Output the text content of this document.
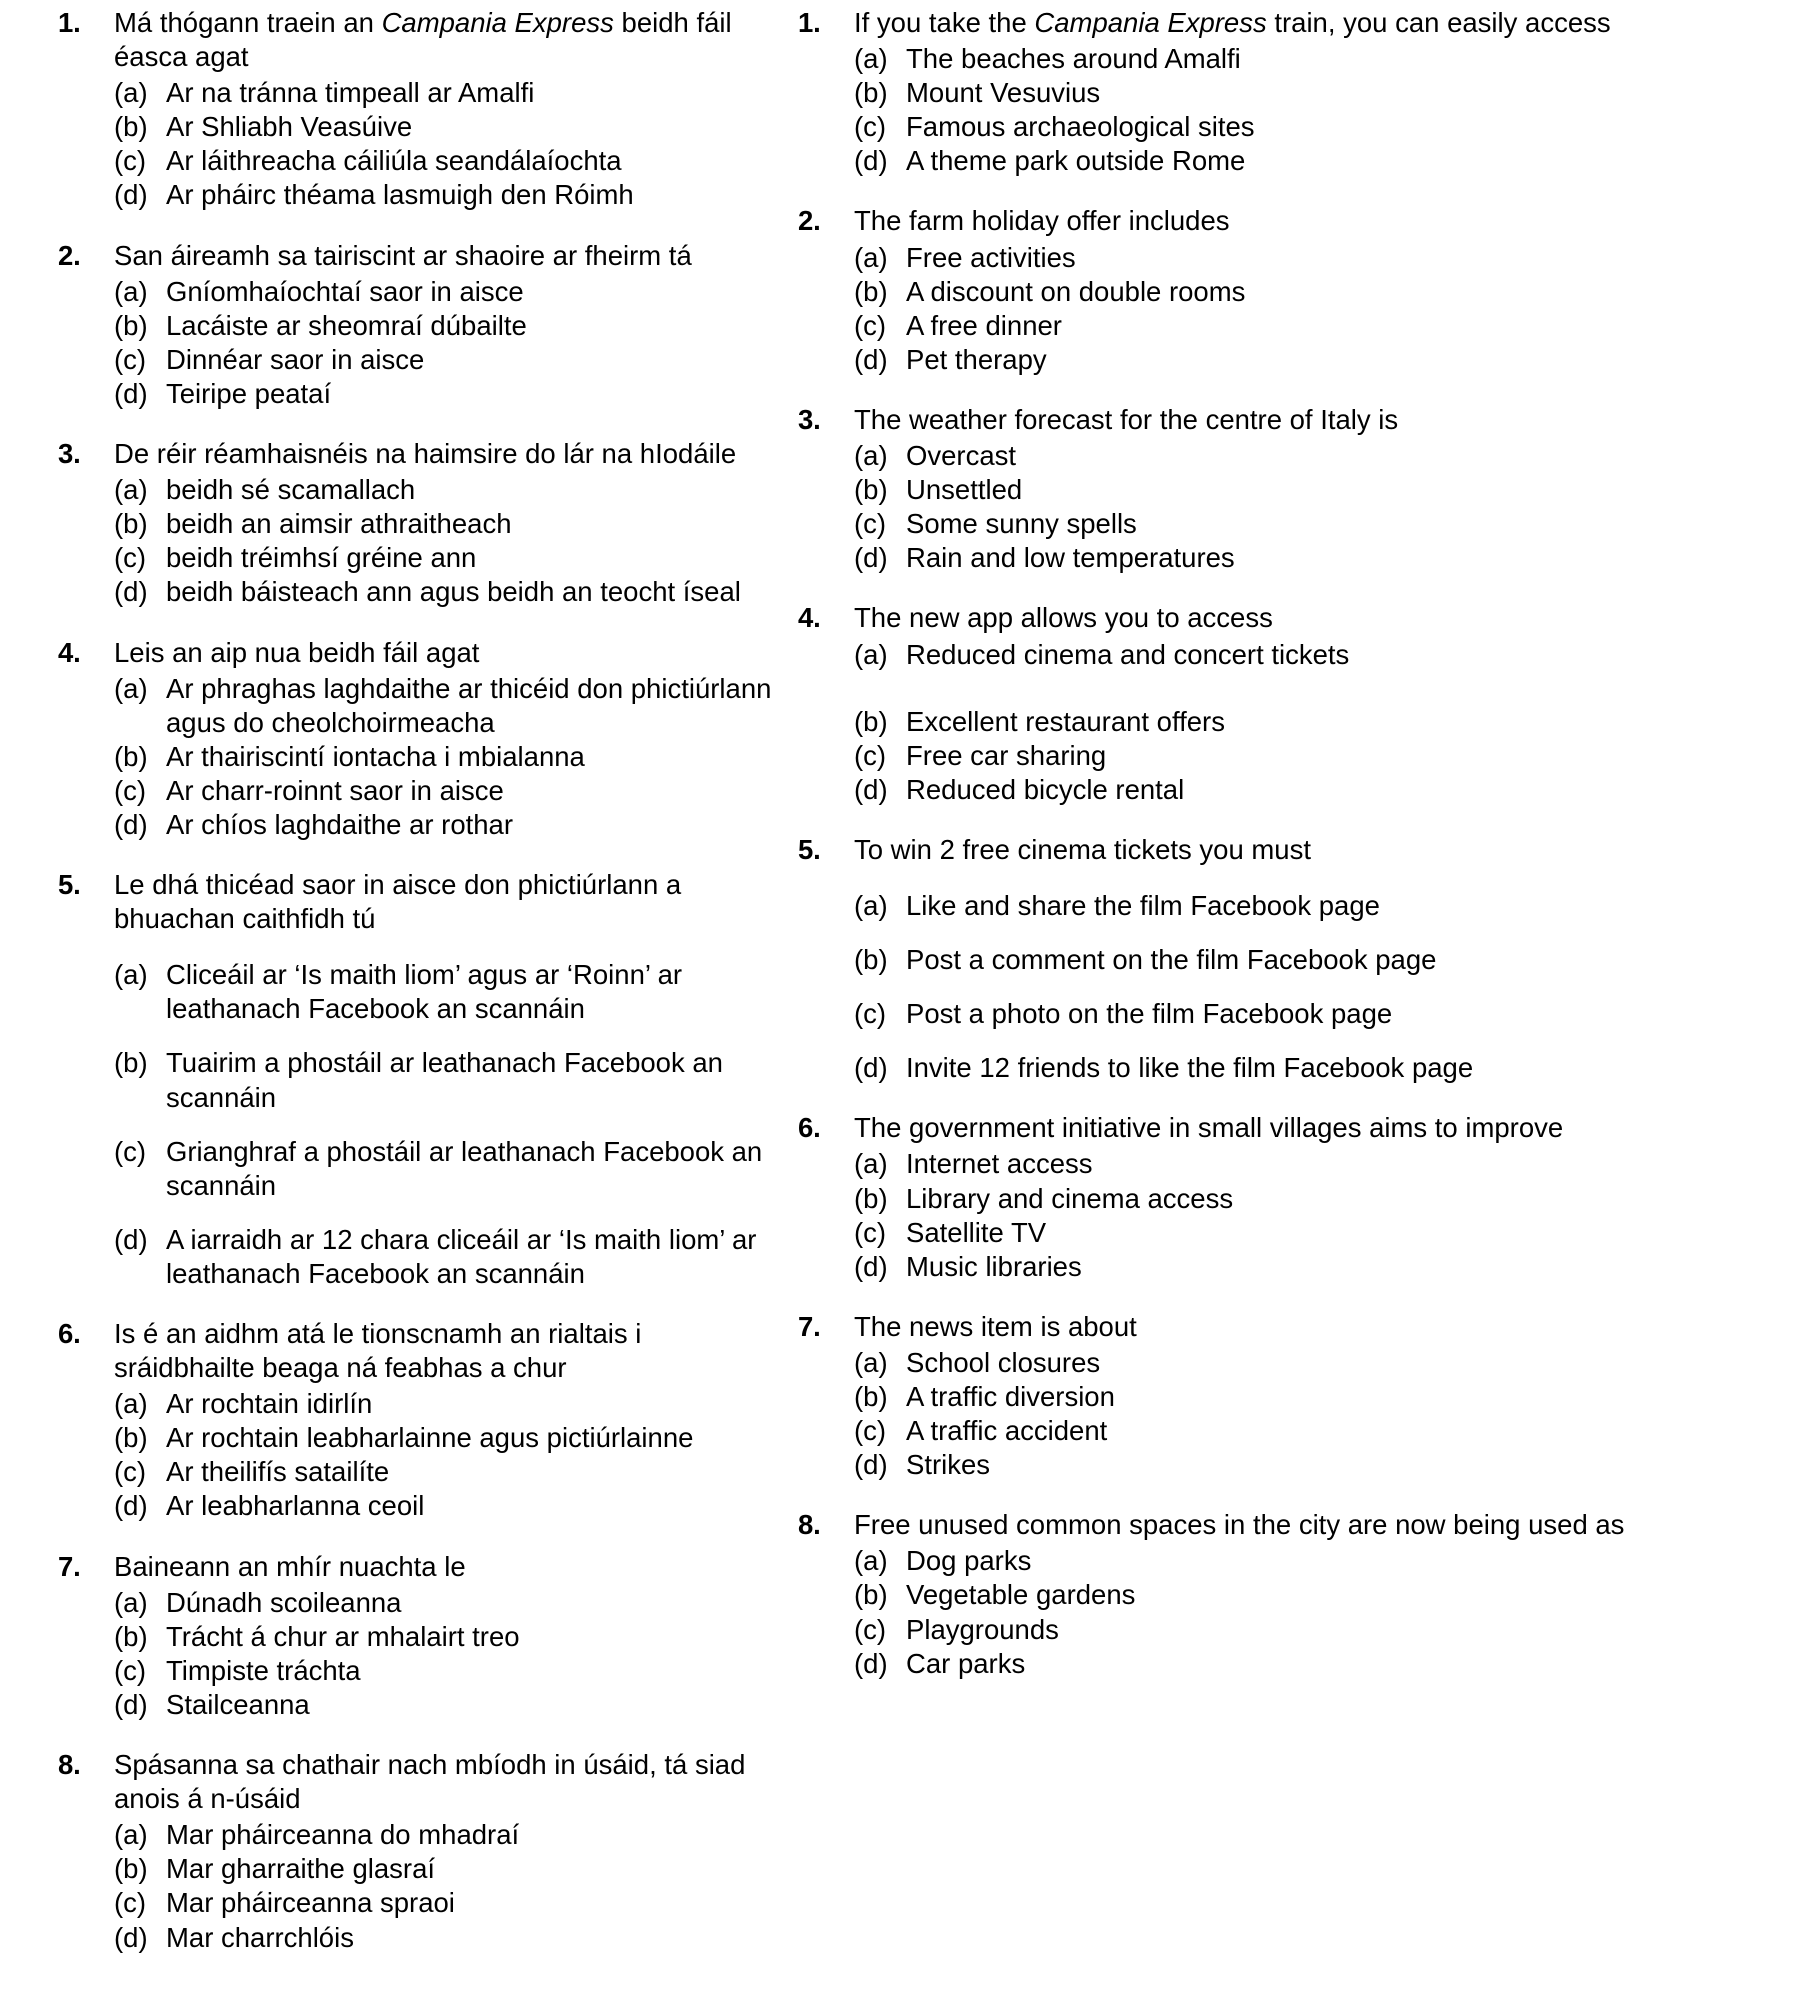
1.	Má thógann traein an Campania Express beidh fáil éasca agat
(a) Ar na tránna timpeall ar Amalfi
(b) Ar Shliabh Veasúive
(c) Ar láithreacha cáiliúla seandálaíochta
(d) Ar pháirc théama lasmuigh den Róimh
2.	San áireamh sa tairiscint ar shaoire ar fheirm tá
(a) Gníomhaíochtaí saor in aisce
(b) Lacáiste ar sheomraí dúbailte
(c) Dinnéar saor in aisce
(d) Teiripe peataí
3.	De réir réamhaisnéis na haimsire do lár na hIodáile
(a) beidh sé scamallach
(b) beidh an aimsir athraitheach
(c) beidh tréimhsí gréine ann
(d) beidh báisteach ann agus beidh an teocht íseal
4.	Leis an aip nua beidh fáil agat
(a) Ar phraghas laghdaithe ar thicéid don phictiúrlann agus do cheolchoirmeacha
(b) Ar thairiscintí iontacha i mbialanna
(c) Ar charr-roinnt saor in aisce
(d) Ar chíos laghdaithe ar rothar
5.	Le dhá thicéad saor in aisce don phictiúrlann a bhuachan caithfidh tú
(a) Cliceáil ar ‘Is maith liom’ agus ar ‘Roinn’ ar leathanach Facebook an scannáin
(b) Tuairim a phostáil ar leathanach Facebook an scannáin
(c) Grianghraf a phostáil ar leathanach Facebook an scannáin
(d) A iarraidh ar 12 chara cliceáil ar ‘Is maith liom’ ar leathanach Facebook an scannáin
6.	Is é an aidhm atá le tionscnamh an rialtais i sráidbhailte beaga ná feabhas a chur
(a) Ar rochtain idirlín
(b) Ar rochtain leabharlainne agus pictiúrlainne
(c) Ar theilifís satailíte
(d) Ar leabharlanna ceoil
7.	Baineann an mhír nuachta le
(a) Dúnadh scoileanna
(b) Trácht á chur ar mhalairt treo
(c) Timpiste tráchta
(d) Stailceanna
8.	Spásanna sa chathair nach mbíodh in úsáid, tá siad anois á n-úsáid
(a) Mar pháirceanna do mhadraí
(b) Mar gharraithe glasraí
(c) Mar pháirceanna spraoi
(d) Mar charrchlóis
1.	If you take the Campania Express train, you can easily access
(a) The beaches around Amalfi
(b) Mount Vesuvius
(c) Famous archaeological sites
(d) A theme park outside Rome
2.	The farm holiday offer includes
(a) Free activities
(b) A discount on double rooms
(c) A free dinner
(d) Pet therapy
3.	The weather forecast for the centre of Italy is
(a) Overcast
(b) Unsettled
(c) Some sunny spells
(d) Rain and low temperatures
4.	The new app allows you to access
(a) Reduced cinema and concert tickets
(b) Excellent restaurant offers
(c) Free car sharing
(d) Reduced bicycle rental
5.	To win 2 free cinema tickets you must
(a) Like and share the film Facebook page
(b) Post a comment on the film Facebook page
(c) Post a photo on the film Facebook page
(d) Invite 12 friends to like the film Facebook page
6.	The government initiative in small villages aims to improve
(a) Internet access
(b) Library and cinema access
(c) Satellite TV
(d) Music libraries
7.	The news item is about
(a) School closures
(b) A traffic diversion
(c) A traffic accident
(d) Strikes
8.	Free unused common spaces in the city are now being used as
(a) Dog parks
(b) Vegetable gardens
(c) Playgrounds
(d) Car parks
